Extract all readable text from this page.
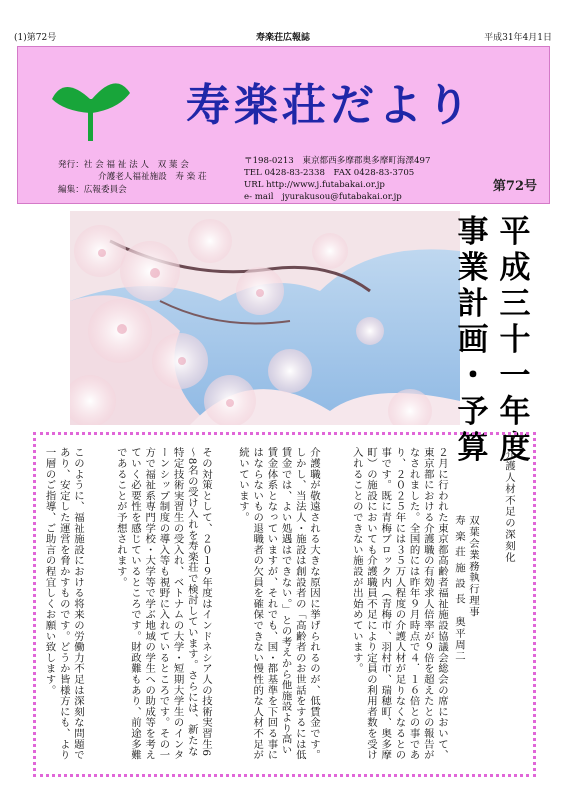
(1)第72号	寿楽荘広報誌	平成31年4月1日
寿楽荘だより
発行：社 会 福 祉 法 人　双 葉 会
介護老人福祉施設　寿 楽 荘
編集：広報委員会
〒198-0213　東京都西多摩郡奥多摩町海澤497
TEL 0428-83-2338　FAX 0428-83-3705
URL http://www.j.futabakai.or.jp
e- mail　jyurakusou@futabakai.or.jp
第72号
平
成
三
十
一
年
度
事
業
計
画
・
予
算
介護人材不足の深刻化
双葉会業務執行理事
寿 楽 荘 施 設 長　奥平周二
２月に行われた東京都高齢者福祉施設協議会総会の席において、東京都における介護職の有効求人倍率が９倍を超えたとの報告がなされました。全国的には昨年９月時点で４．１６倍との事であり、２０２５年には３５万人程度の介護人材が足りなくなるとの事です。既に青梅ブロック内（青梅市、羽村市、瑞穂町、奥多摩町）の施設においても介護職員不足により定員の利用者数を受け入れることのできない施設が出始めています。
介護職が敬遠される大きな原因に挙げられるのが、低賃金です。しかし、当法人・施設は創設者の「高齢者のお世話をするには低賃金では、よい処遇はできない。」との考えから他施設より高い賃金体系となっていますが、それでも、国・都基準を下回る事にはならないもの退職者の欠員を確保できない慢性的な人材不足が続いています。
その対策として、２０１９年度はインドネシア人の技術実習生6～8名の受け入れを寿楽荘で検討しています。さらには、新たな特定技術実習生の受入れ、ベトナムの大学・短期大学生のインターンシップ制度の導入等も視野に入れているところです。その一方で福祉系専門学校・大学等で学ぶ地域の学生への助成等を考えていく必要性を感じているところです。財政難もあり、前途多難であることが予想されます。
このように、福祉施設における将来の労働力不足は深刻な問題であり、安定した運営を脅かすものです。どうか皆様方にも、より一層のご指導、ご助言の程宜しくお願い致します。
